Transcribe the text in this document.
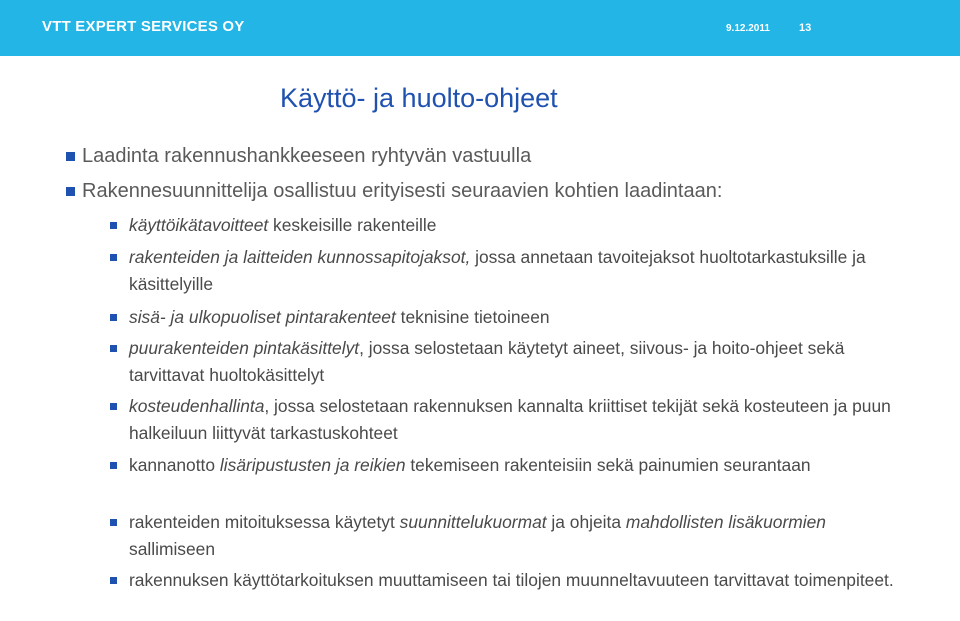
VTT EXPERT SERVICES OY	9.12.2011	13
Käyttö- ja huolto-ohjeet
Laadinta rakennushankkeeseen ryhtyvän vastuulla
Rakennesuunnittelija osallistuu erityisesti seuraavien kohtien laadintaan:
käyttöikätavoitteet keskeisille rakenteille
rakenteiden ja laitteiden kunnossapitojaksot, jossa annetaan tavoitejaksot huoltotarkastuksille ja käsittelyille
sisä- ja ulkopuoliset pintarakenteet teknisine tietoineen
puurakenteiden pintakäsittelyt, jossa selostetaan käytetyt aineet, siivous- ja hoito-ohjeet sekä tarvittavat huoltokäsittelyt
kosteudenhallinta, jossa selostetaan rakennuksen kannalta kriittiset tekijät sekä kosteuteen ja puun halkeiluun liittyvät tarkastuskohteet
kannanotto lisäripustusten ja reikien tekemiseen rakenteisiin sekä painumien seurantaan
rakenteiden mitoituksessa käytetyt suunnittelukuormat ja ohjeita mahdollisten lisäkuormien sallimiseen
rakennuksen käyttötarkoituksen muuttamiseen tai tilojen muunneltavuuteen tarvittavat toimenpiteet.
